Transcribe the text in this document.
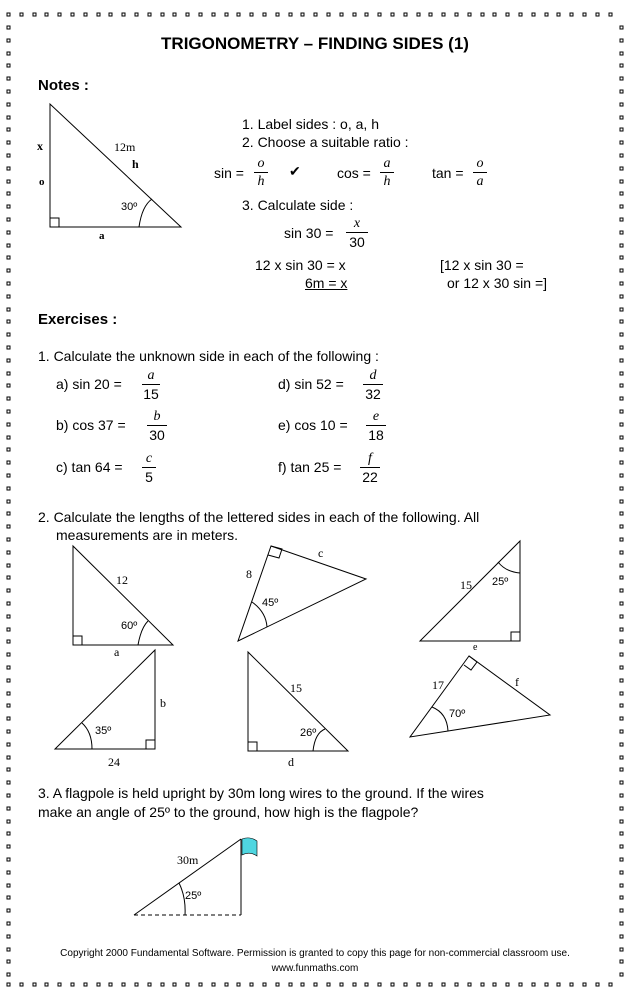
TRIGONOMETRY – FINDING SIDES (1)
Notes :
x
o
12m
h
30º
a
1. Label sides : o, a, h
2. Choose a suitable ratio :
$\sin = \frac{o}{h}$ ✔	$\cos = \frac{a}{h}$	$\tan = \frac{o}{a}$
3. Calculate side :
$\sin 30 = \frac{x}{30}$
12 x sin 30 = x
6m = x
[12 x sin 30 =
or 12 x 30 sin =]
Exercises :
1. Calculate the unknown side in each of the following :
a) $\sin 20 = \frac{a}{15}$
b) $\cos 37 = \frac{b}{30}$
c) $\tan 64 = \frac{c}{5}$
d) $\sin 52 = \frac{d}{32}$
e) $\cos 10 = \frac{e}{18}$
f) $\tan 25 = \frac{f}{22}$
2. Calculate the lengths of the lettered sides in each of the following. All
measurements are in meters.
12
60º
a
8
45º
c
15 25º
e
24
35º
b
15
26º
d
17
70º
f
3. A flagpole is held upright by 30m long wires to the ground. If the wires
make an angle of 25º to the ground, how high is the flagpole?
30m
25º
Copyright 2000 Fundamental Software. Permission is granted to copy this page for non-commercial classroom use.
www.funmaths.com
